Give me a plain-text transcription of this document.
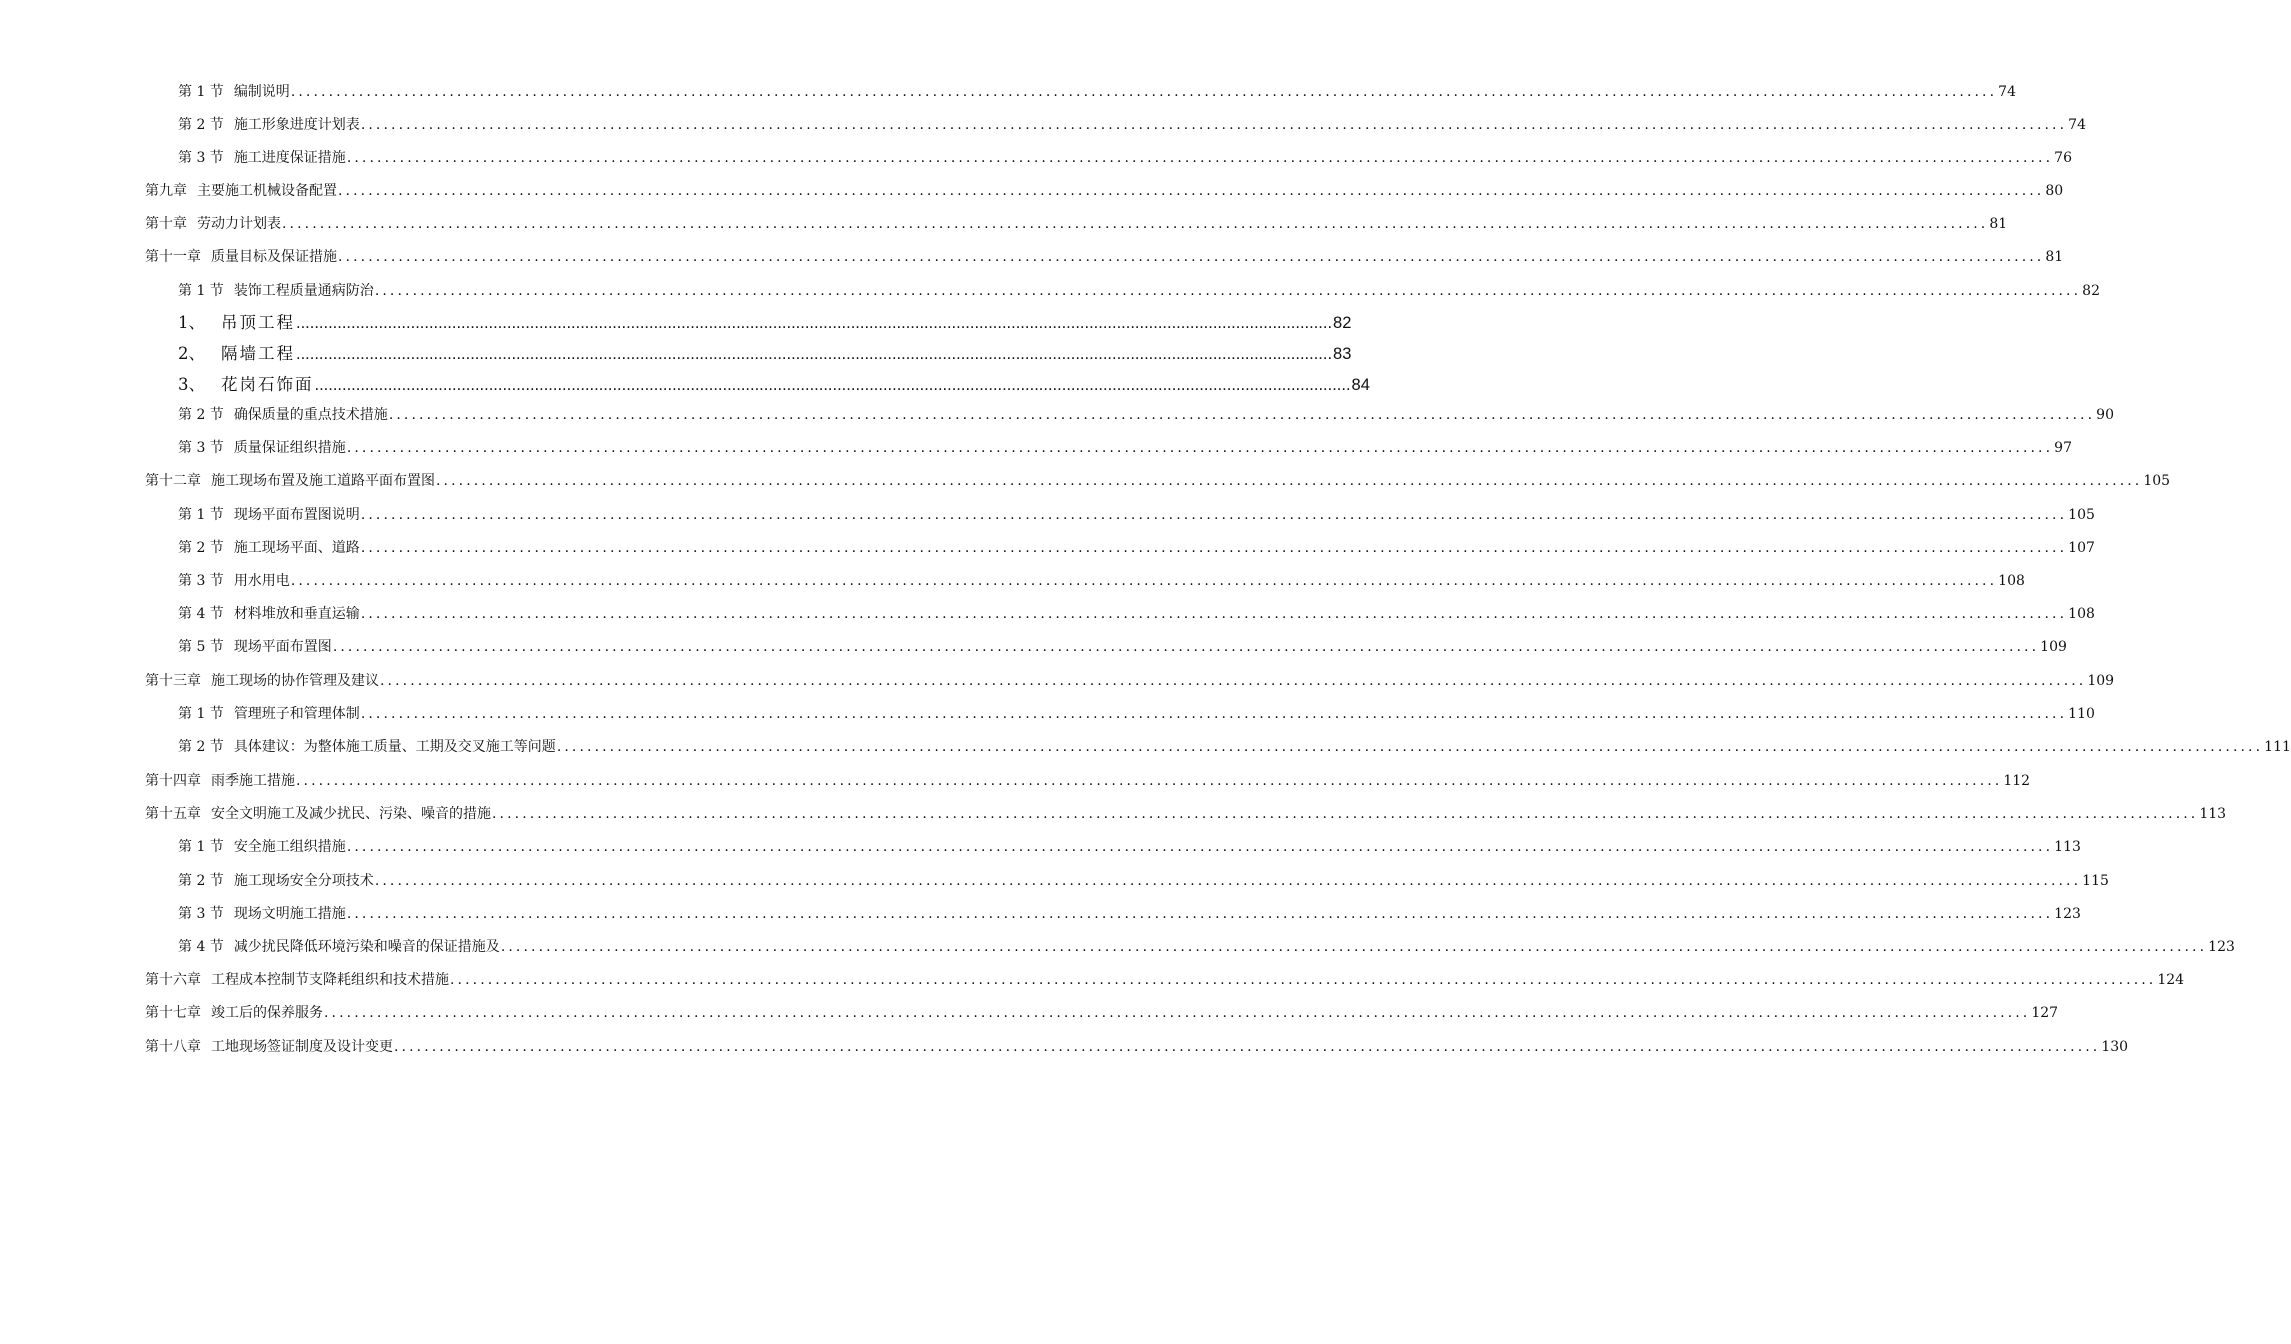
第 1 节 编制说明 .................................................................................................................................................................................................................................. 74
第 2 节 施工形象进度计划表 .................................................................................................................................................................................................................................. 74
第 3 节 施工进度保证措施 .................................................................................................................................................................................................................................. 76
第九章 主要施工机械设备配置 .................................................................................................................................................................................................................................. 80
第十章 劳动力计划表 .................................................................................................................................................................................................................................. 81
第十一章 质量目标及保证措施 .................................................................................................................................................................................................................................. 81
第 1 节 装饰工程质量通病防治 .................................................................................................................................................................................................................................. 82
1、 吊顶工程 .................................................................................................................................................................................................................................. 82
2、 隔墙工程 .................................................................................................................................................................................................................................. 83
3、 花岗石饰面 .................................................................................................................................................................................................................................. 84
第 2 节 确保质量的重点技术措施 .................................................................................................................................................................................................................................. 90
第 3 节 质量保证组织措施 .................................................................................................................................................................................................................................. 97
第十二章 施工现场布置及施工道路平面布置图 .................................................................................................................................................................................................................................. 105
第 1 节 现场平面布置图说明 .................................................................................................................................................................................................................................. 105
第 2 节 施工现场平面、道路 .................................................................................................................................................................................................................................. 107
第 3 节 用水用电 .................................................................................................................................................................................................................................. 108
第 4 节 材料堆放和垂直运输 .................................................................................................................................................................................................................................. 108
第 5 节 现场平面布置图 .................................................................................................................................................................................................................................. 109
第十三章 施工现场的协作管理及建议 .................................................................................................................................................................................................................................. 109
第 1 节 管理班子和管理体制 .................................................................................................................................................................................................................................. 110
第 2 节 具体建议：为整体施工质量、工期及交叉施工等问题 .................................................................................................................................................................................................................................. 111
第十四章 雨季施工措施 .................................................................................................................................................................................................................................. 112
第十五章 安全文明施工及减少扰民、污染、噪音的措施 .................................................................................................................................................................................................................................. 113
第 1 节 安全施工组织措施 .................................................................................................................................................................................................................................. 113
第 2 节 施工现场安全分项技术 .................................................................................................................................................................................................................................. 115
第 3 节 现场文明施工措施 .................................................................................................................................................................................................................................. 123
第 4 节 减少扰民降低环境污染和噪音的保证措施及 .................................................................................................................................................................................................................................. 123
第十六章 工程成本控制节支降耗组织和技术措施 .................................................................................................................................................................................................................................. 124
第十七章 竣工后的保养服务 .................................................................................................................................................................................................................................. 127
第十八章 工地现场签证制度及设计变更 .................................................................................................................................................................................................................................. 130
